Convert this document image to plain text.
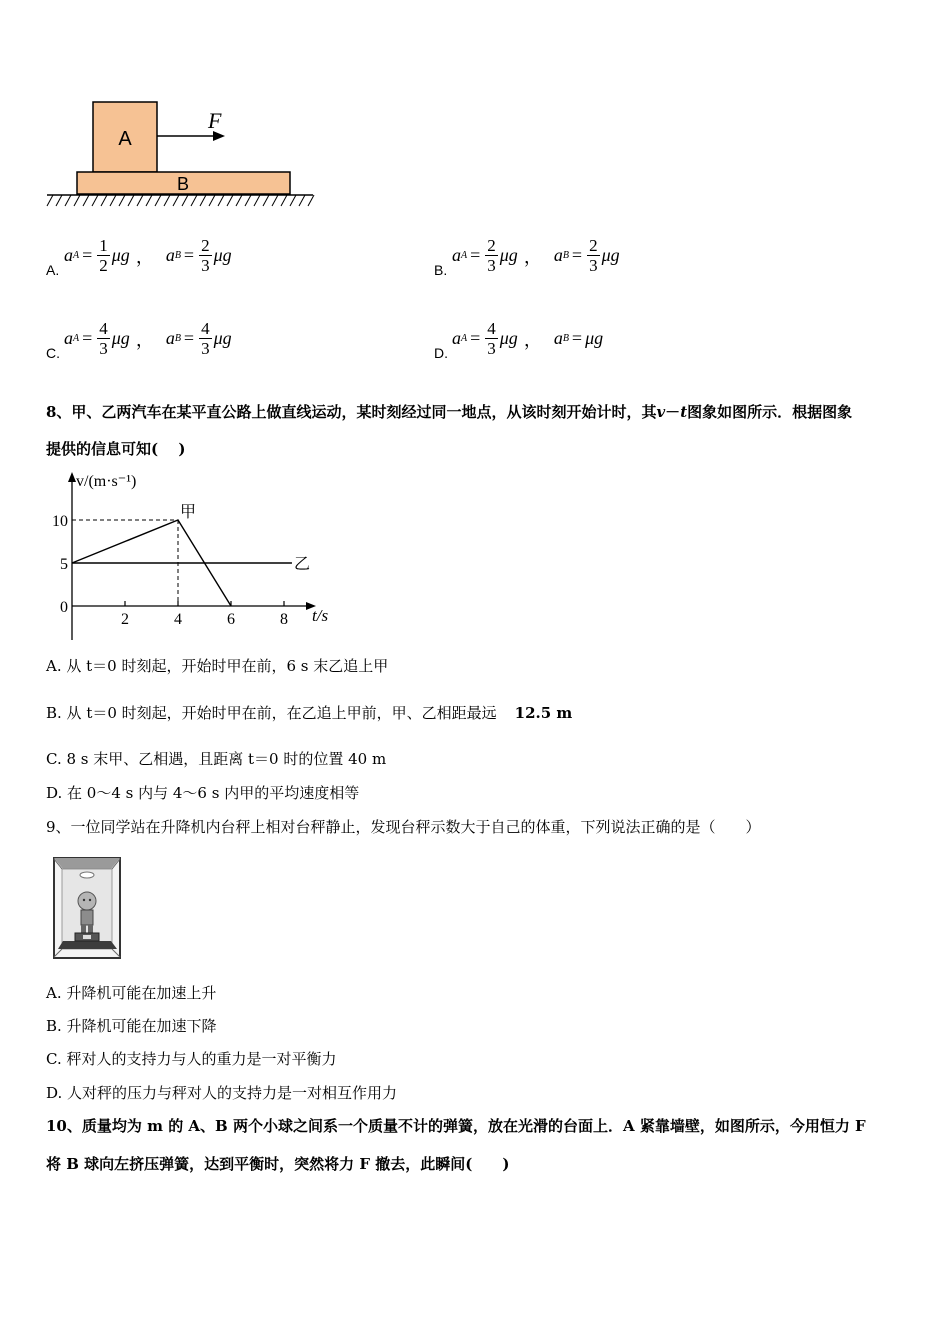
A
B
F
A.
a $A = \frac{1}{2}$ μg ， a $B = \frac{2}{3}$ μg
B.
a $A = \frac{2}{3}$ μg ， a $B = \frac{2}{3}$ μg
C.
a $A = \frac{4}{3}$ μg ， a $B = \frac{4}{3}$ μg
D.
a $A = \frac{4}{3}$ μg ， a B = μg
8、甲、乙两汽车在某平直公路上做直线运动，某时刻经过同一地点，从该时刻开始计时，其v－t图象如图所示．根据图象
提供的信息可知(　 )
2	4	6	8
0
5
10
v/(m·s⁻¹)
t/s
甲
乙
A. 从 t＝0 时刻起，开始时甲在前，6 s 末乙追上甲
B. 从 t＝0 时刻起，开始时甲在前，在乙追上甲前，甲、乙相距最远 12.5 m
C. 8 s 末甲、乙相遇，且距离 t＝0 时的位置 40 m
D. 在 0～4 s 内与 4～6 s 内甲的平均速度相等
9、一位同学站在升降机内台秤上相对台秤静止，发现台秤示数大于自己的体重，下列说法正确的是（　　）
A. 升降机可能在加速上升
B. 升降机可能在加速下降
C. 秤对人的支持力与人的重力是一对平衡力
D. 人对秤的压力与秤对人的支持力是一对相互作用力
10、质量均为 m 的 A、B 两个小球之间系一个质量不计的弹簧，放在光滑的台面上．A 紧靠墙壁，如图所示，今用恒力 F
将 B 球向左挤压弹簧，达到平衡时，突然将力 F 撤去，此瞬间(　　)
